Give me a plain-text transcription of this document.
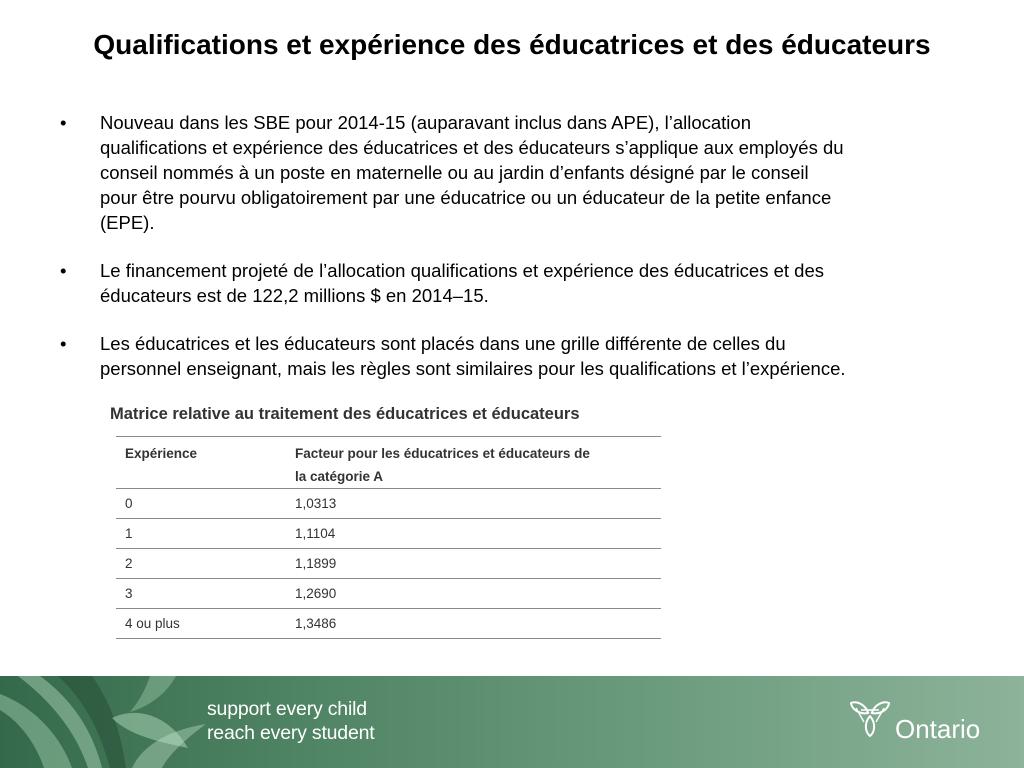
Qualifications et expérience des éducatrices et des éducateurs
• Nouveau dans les SBE pour 2014-15 (auparavant inclus dans APE), l’allocation
qualifications et expérience des éducatrices et des éducateurs s’applique aux employés du
conseil nommés à un poste en maternelle ou au jardin d’enfants désigné par le conseil
pour être pourvu obligatoirement par une éducatrice ou un éducateur de la petite enfance
(EPE).
• Le financement projeté de l’allocation qualifications et expérience des éducatrices et des
éducateurs est de 122,2 millions $ en 2014–15.
• Les éducatrices et les éducateurs sont placés dans une grille différente de celles du
personnel enseignant, mais les règles sont similaires pour les qualifications et l’expérience.
Matrice relative au traitement des éducatrices et éducateurs
Expérience	Facteur pour les éducatrices et éducateurs de
la catégorie A
0	1,0313
1	1,1104
2	1,1899
3	1,2690
4 ou plus	1,3486
support every child
reach every student	Ontario
